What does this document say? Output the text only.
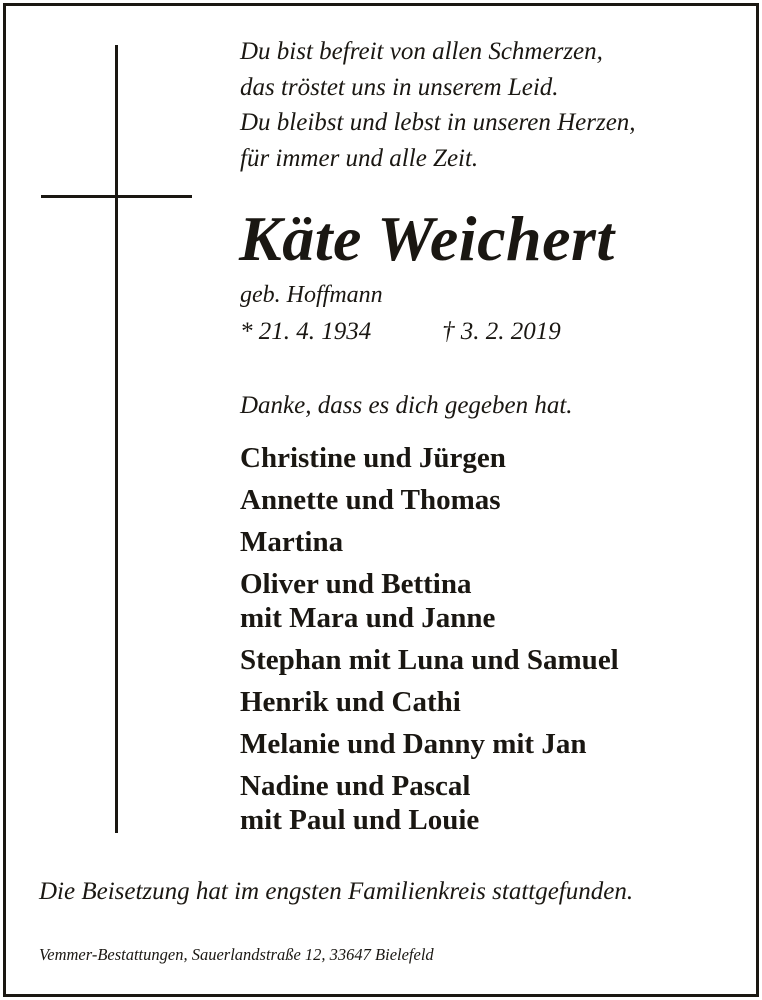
Du bist befreit von allen Schmerzen,
das tröstet uns in unserem Leid.
Du bleibst und lebst in unseren Herzen,
für immer und alle Zeit.
Käte Weichert
geb. Hoffmann
* 21. 4. 1934	† 3. 2. 2019
Danke, dass es dich gegeben hat.
Christine und Jürgen
Annette und Thomas
Martina
Oliver und Bettina
mit Mara und Janne
Stephan mit Luna und Samuel
Henrik und Cathi
Melanie und Danny mit Jan
Nadine und Pascal
mit Paul und Louie
Die Beisetzung hat im engsten Familienkreis stattgefunden.
Vemmer-Bestattungen, Sauerlandstraße 12, 33647 Bielefeld
